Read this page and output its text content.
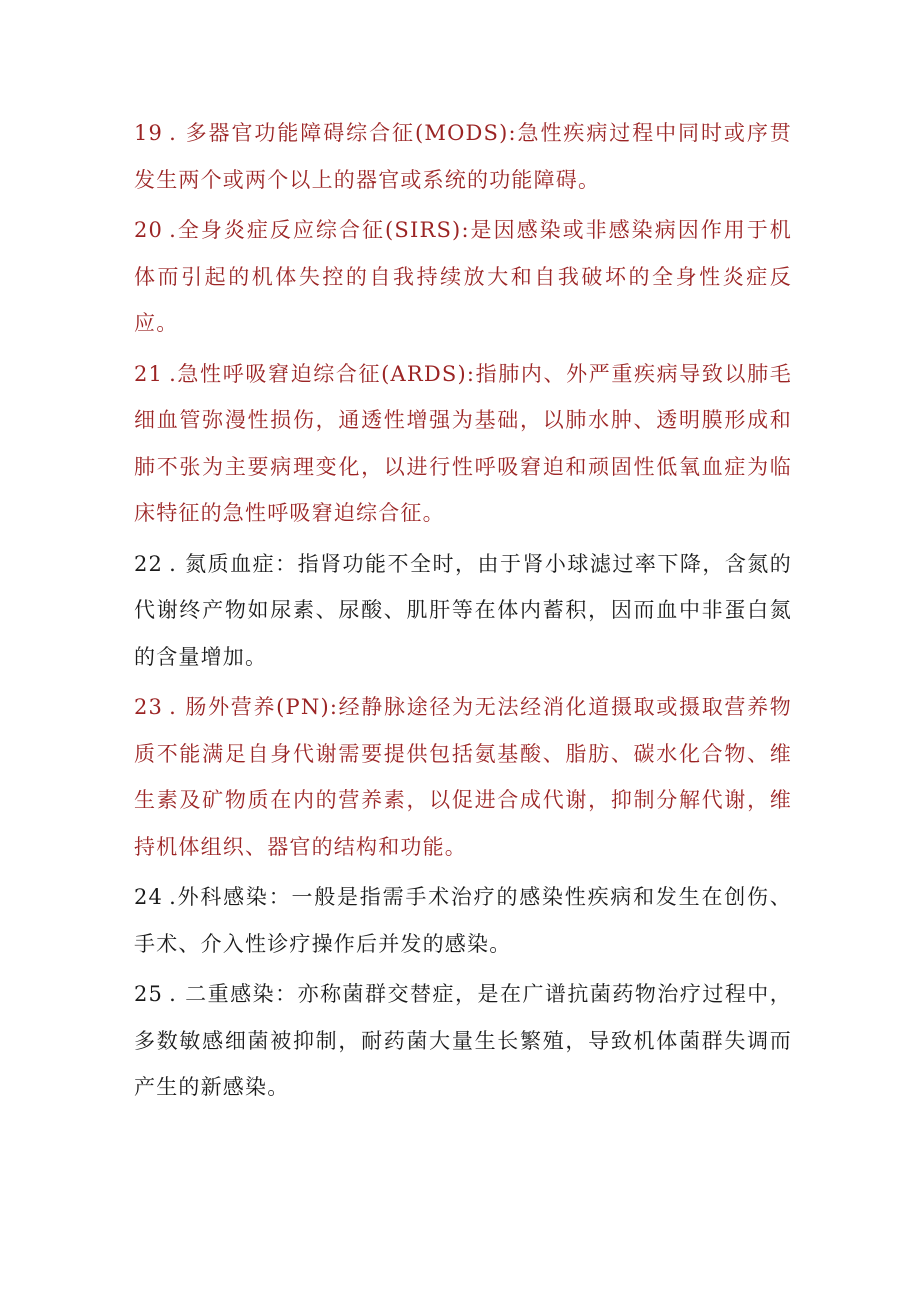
19 . 多器官功能障碍综合征(MODS):急性疾病过程中同时或序贯发生两个或两个以上的器官或系统的功能障碍。

20 .全身炎症反应综合征(SIRS):是因感染或非感染病因作用于机体而引起的机体失控的自我持续放大和自我破坏的全身性炎症反应。

21 .急性呼吸窘迫综合征(ARDS):指肺内、外严重疾病导致以肺毛细血管弥漫性损伤，通透性增强为基础，以肺水肿、透明膜形成和肺不张为主要病理变化，以进行性呼吸窘迫和顽固性低氧血症为临床特征的急性呼吸窘迫综合征。

22 . 氮质血症：指肾功能不全时，由于肾小球滤过率下降，含氮的代谢终产物如尿素、尿酸、肌肝等在体内蓄积，因而血中非蛋白氮的含量增加。

23 . 肠外营养(PN):经静脉途径为无法经消化道摄取或摄取营养物质不能满足自身代谢需要提供包括氨基酸、脂肪、碳水化合物、维生素及矿物质在内的营养素，以促进合成代谢，抑制分解代谢，维持机体组织、器官的结构和功能。

24 .外科感染：一般是指需手术治疗的感染性疾病和发生在创伤、手术、介入性诊疗操作后并发的感染。

25 . 二重感染：亦称菌群交替症，是在广谱抗菌药物治疗过程中，多数敏感细菌被抑制，耐药菌大量生长繁殖，导致机体菌群失调而产生的新感染。
